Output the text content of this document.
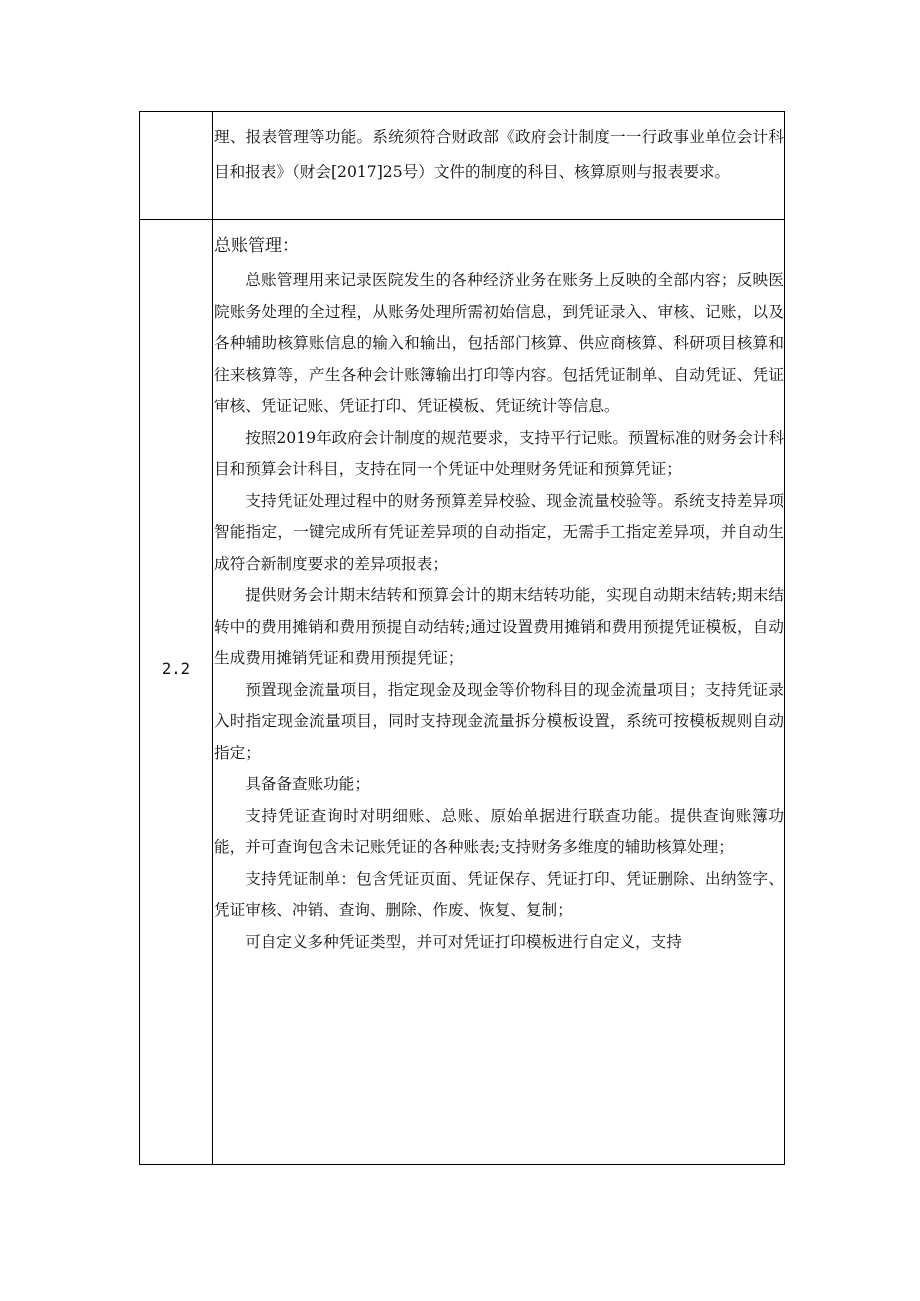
理、报表管理等功能。系统须符合财政部《政府会计制度一一行政事业单位会计科目和报表》（财会[2017]25号）文件的制度的科目、核算原则与报表要求。

2.2

总账管理：

总账管理用来记录医院发生的各种经济业务在账务上反映的全部内容；反映医院账务处理的全过程，从账务处理所需初始信息，到凭证录入、审核、记账，以及各种辅助核算账信息的输入和输出，包括部门核算、供应商核算、科研项目核算和往来核算等，产生各种会计账簿输出打印等内容。包括凭证制单、自动凭证、凭证审核、凭证记账、凭证打印、凭证模板、凭证统计等信息。

按照2019年政府会计制度的规范要求，支持平行记账。预置标准的财务会计科目和预算会计科目，支持在同一个凭证中处理财务凭证和预算凭证；

支持凭证处理过程中的财务预算差异校验、现金流量校验等。系统支持差异项智能指定，一键完成所有凭证差异项的自动指定，无需手工指定差异项，并自动生成符合新制度要求的差异项报表；

提供财务会计期末结转和预算会计的期末结转功能，实现自动期末结转;期末结转中的费用摊销和费用预提自动结转;通过设置费用摊销和费用预提凭证模板，自动生成费用摊销凭证和费用预提凭证；

预置现金流量项目，指定现金及现金等价物科目的现金流量项目；支持凭证录入时指定现金流量项目，同时支持现金流量拆分模板设置，系统可按模板规则自动指定；

具备备查账功能；

支持凭证查询时对明细账、总账、原始单据进行联查功能。提供查询账簿功能，并可查询包含未记账凭证的各种账表;支持财务多维度的辅助核算处理；

支持凭证制单：包含凭证页面、凭证保存、凭证打印、凭证删除、出纳签字、凭证审核、冲销、查询、删除、作废、恢复、复制；

可自定义多种凭证类型，并可对凭证打印模板进行自定义，支持
